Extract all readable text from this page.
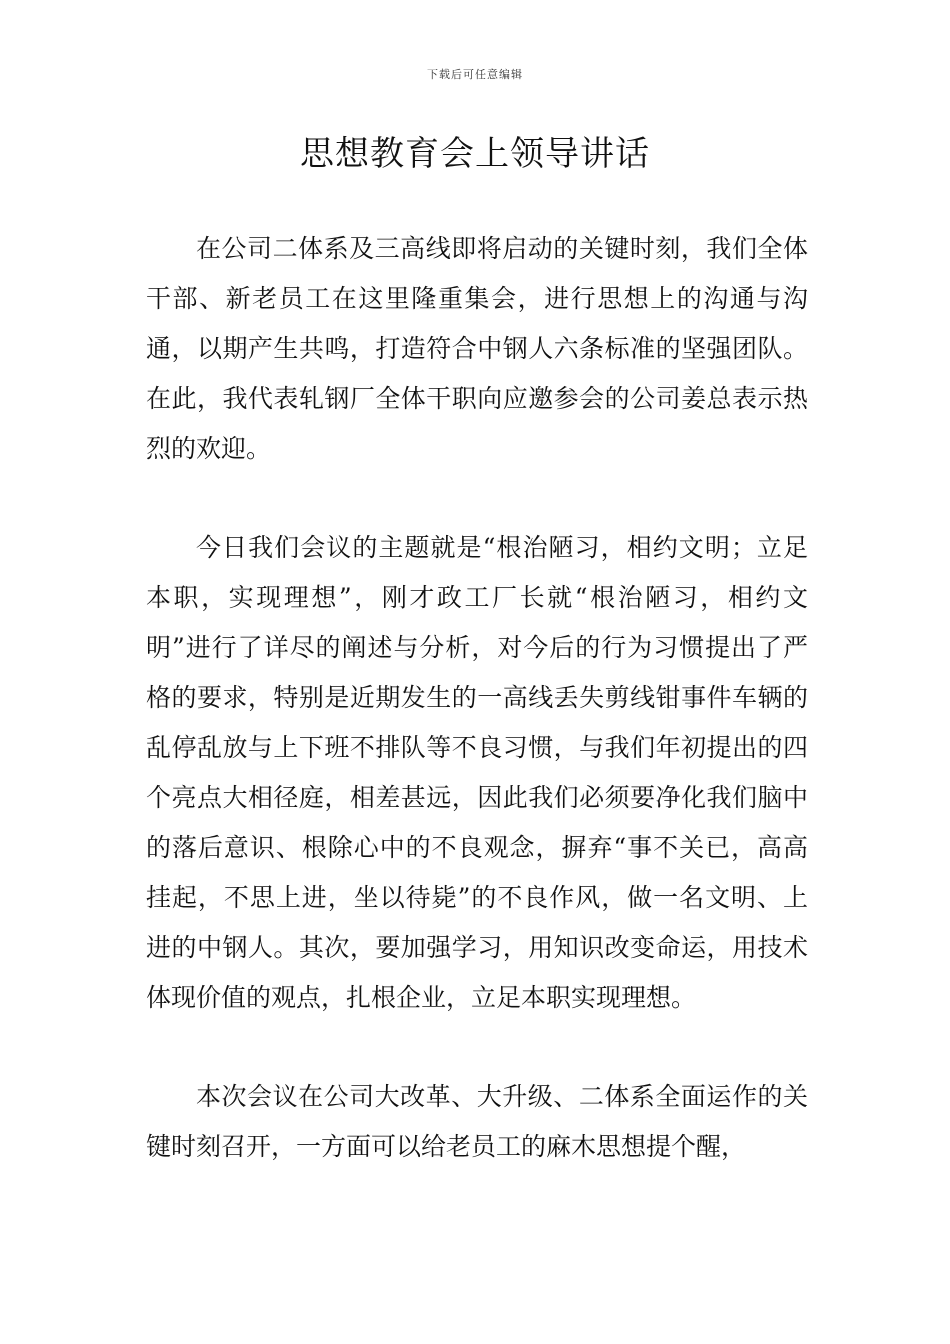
下载后可任意编辑
思想教育会上领导讲话

在公司二体系及三高线即将启动的关键时刻，我们全体干部、新老员工在这里隆重集会，进行思想上的沟通与沟通，以期产生共鸣，打造符合中钢人六条标准的坚强团队。在此，我代表轧钢厂全体干职向应邀参会的公司姜总表示热烈的欢迎。

今日我们会议的主题就是“根治陋习，相约文明；立足本职，实现理想”，刚才政工厂长就“根治陋习，相约文明”进行了详尽的阐述与分析，对今后的行为习惯提出了严格的要求，特别是近期发生的一高线丢失剪线钳事件车辆的乱停乱放与上下班不排队等不良习惯，与我们年初提出的四个亮点大相径庭，相差甚远，因此我们必须要净化我们脑中的落后意识、根除心中的不良观念，摒弃“事不关已，高高挂起，不思上进，坐以待毙”的不良作风，做一名文明、上进的中钢人。其次，要加强学习，用知识改变命运，用技术体现价值的观点，扎根企业，立足本职实现理想。

本次会议在公司大改革、大升级、二体系全面运作的关键时刻召开，一方面可以给老员工的麻木思想提个醒，
